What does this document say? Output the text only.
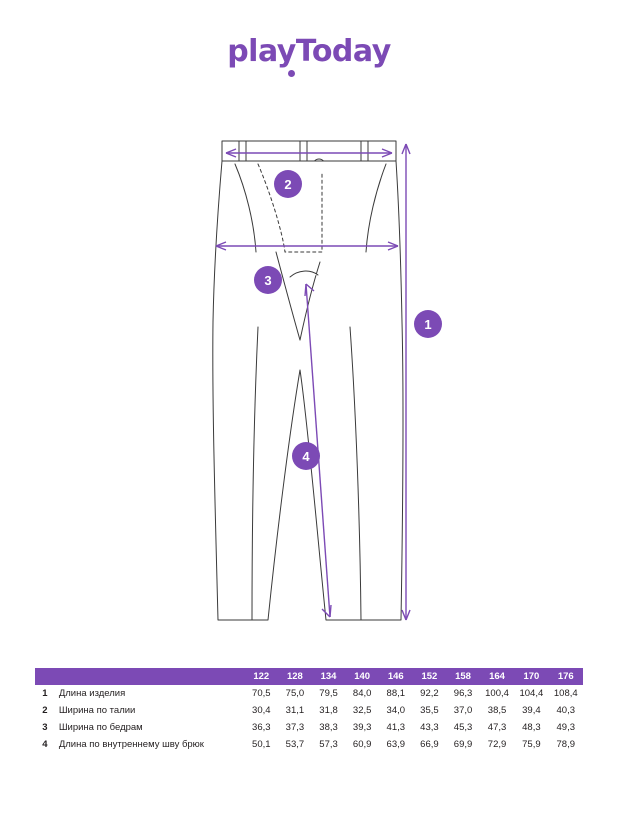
playToday
1
2
3
4
		122	128	134	140	146	152	158	164	170	176
1	Длина изделия	70,5	75,0	79,5	84,0	88,1	92,2	96,3	100,4	104,4	108,4
2	Ширина по талии	30,4	31,1	31,8	32,5	34,0	35,5	37,0	38,5	39,4	40,3
3	Ширина по бедрам	36,3	37,3	38,3	39,3	41,3	43,3	45,3	47,3	48,3	49,3
4	Длина по внутреннему шву брюк	50,1	53,7	57,3	60,9	63,9	66,9	69,9	72,9	75,9	78,9
